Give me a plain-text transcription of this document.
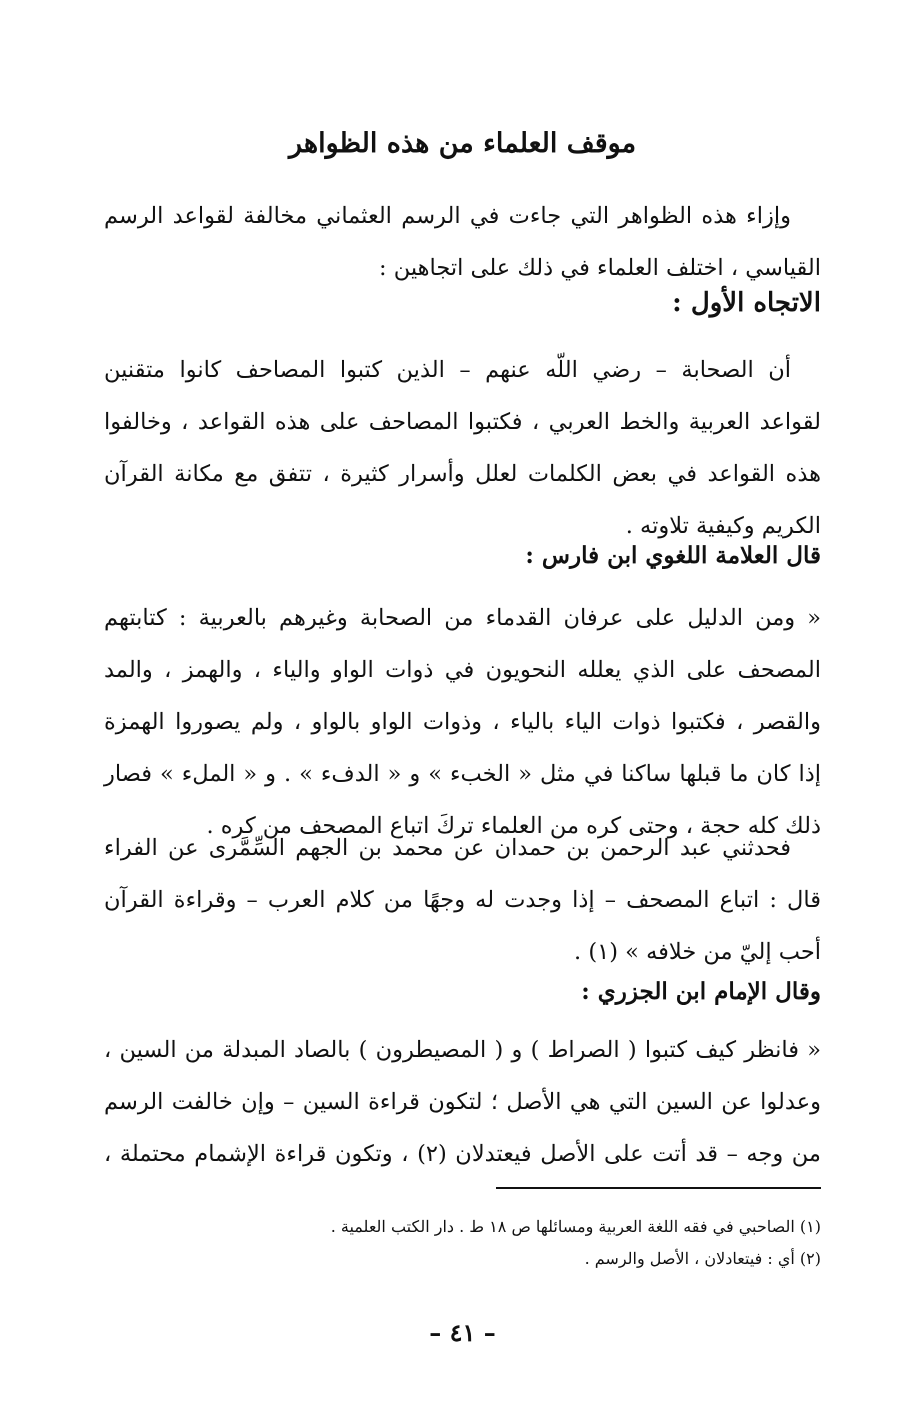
موقف العلماء من هذه الظواهر
وإزاء هذه الظواهر التي جاءت في الرسم العثماني مخالفة لقواعد الرسم
القياسي ، اختلف العلماء في ذلك على اتجاهين :
الاتجاه الأول :
أن الصحابة – رضي اللّه عنهم – الذين كتبوا المصاحف كانوا متقنين
لقواعد العربية والخط العربي ، فكتبوا المصاحف على هذه القواعد ، وخالفوا
هذه القواعد في بعض الكلمات لعلل وأسرار كثيرة ، تتفق مع مكانة القرآن
الكريم وكيفية تلاوته .
قال العلامة اللغوي ابن فارس :
« ومن الدليل على عرفان القدماء من الصحابة وغيرهم بالعربية : كتابتهم
المصحف على الذي يعلله النحويون في ذوات الواو والياء ، والهمز ، والمد
والقصر ، فكتبوا ذوات الياء بالياء ، وذوات الواو بالواو ، ولم يصوروا الهمزة
إذا كان ما قبلها ساكنا في مثل « الخبء » و « الدفء » . و « الملء » فصار
ذلك كله حجة ، وحتى كره من العلماء تركَ اتباع المصحف من كره .
فحدثني عبد الرحمن بن حمدان عن محمد بن الجهم السِّمَّرى عن الفراء
قال : اتباع المصحف – إذا وجدت له وجهًا من كلام العرب – وقراءة القرآن
أحب إليّ من خلافه » (١) .
وقال الإمام ابن الجزري :
« فانظر كيف كتبوا ( الصراط ) و ( المصيطرون ) بالصاد المبدلة من السين ،
وعدلوا عن السين التي هي الأصل ؛ لتكون قراءة السين – وإن خالفت الرسم
من وجه – قد أتت على الأصل فيعتدلان (٢) ، وتكون قراءة الإشمام محتملة ،
(١) الصاحبي في فقه اللغة العربية ومسائلها ص ١٨ ط . دار الكتب العلمية .
(٢) أي : فيتعادلان ، الأصل والرسم .
– ٤١ –
